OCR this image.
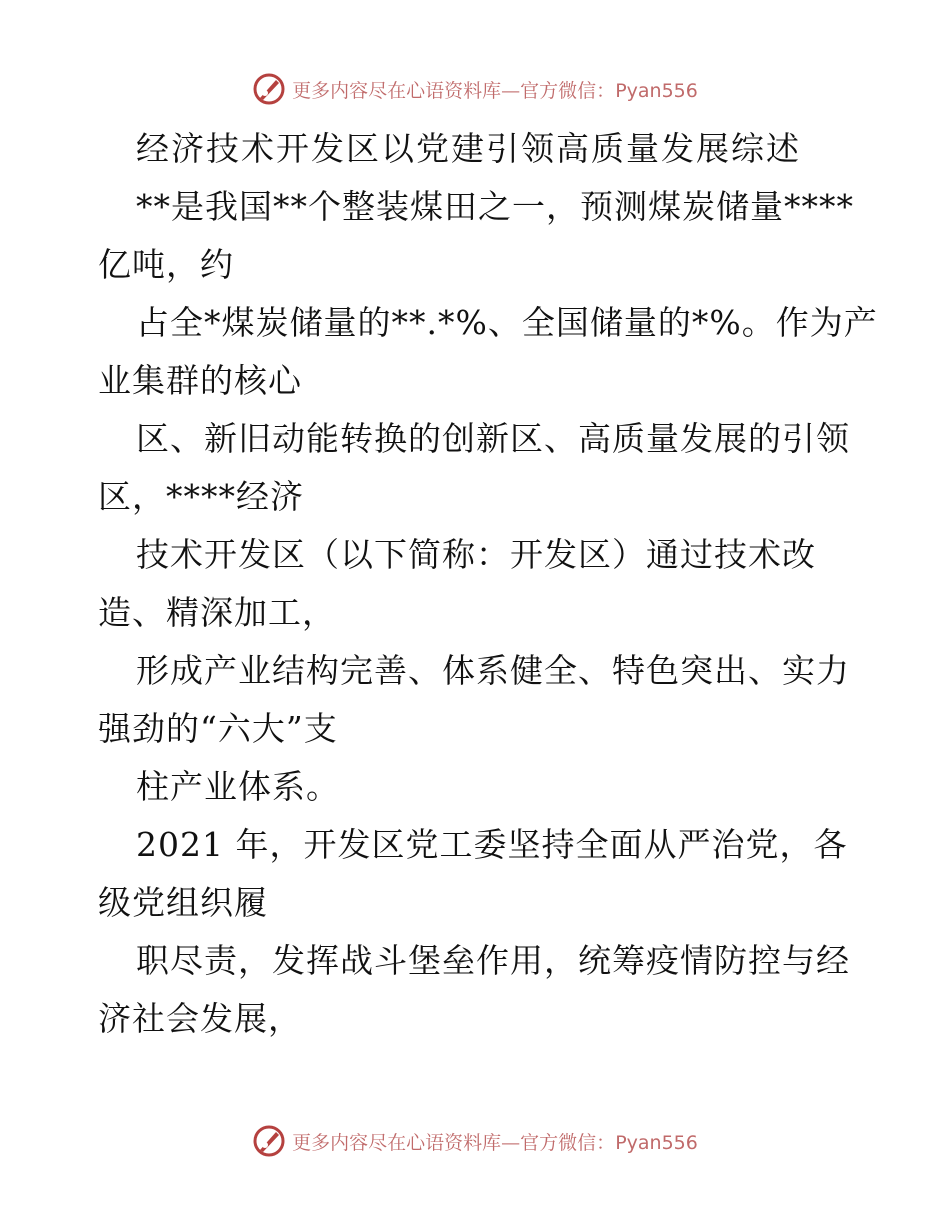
更多内容尽在心语资料库—官方微信：Pyan556
经济技术开发区以党建引领高质量发展综述
**是我国**个整装煤田之一，预测煤炭储量****
亿吨，约
占全*煤炭储量的**.*%、全国储量的*%。作为产
业集群的核心
区、新旧动能转换的创新区、高质量发展的引领
区，****经济
技术开发区（以下简称：开发区）通过技术改
造、精深加工，
形成产业结构完善、体系健全、特色突出、实力
强劲的“六大”支
柱产业体系。
2021 年，开发区党工委坚持全面从严治党，各
级党组织履
职尽责，发挥战斗堡垒作用，统筹疫情防控与经
济社会发展，
更多内容尽在心语资料库—官方微信：Pyan556
